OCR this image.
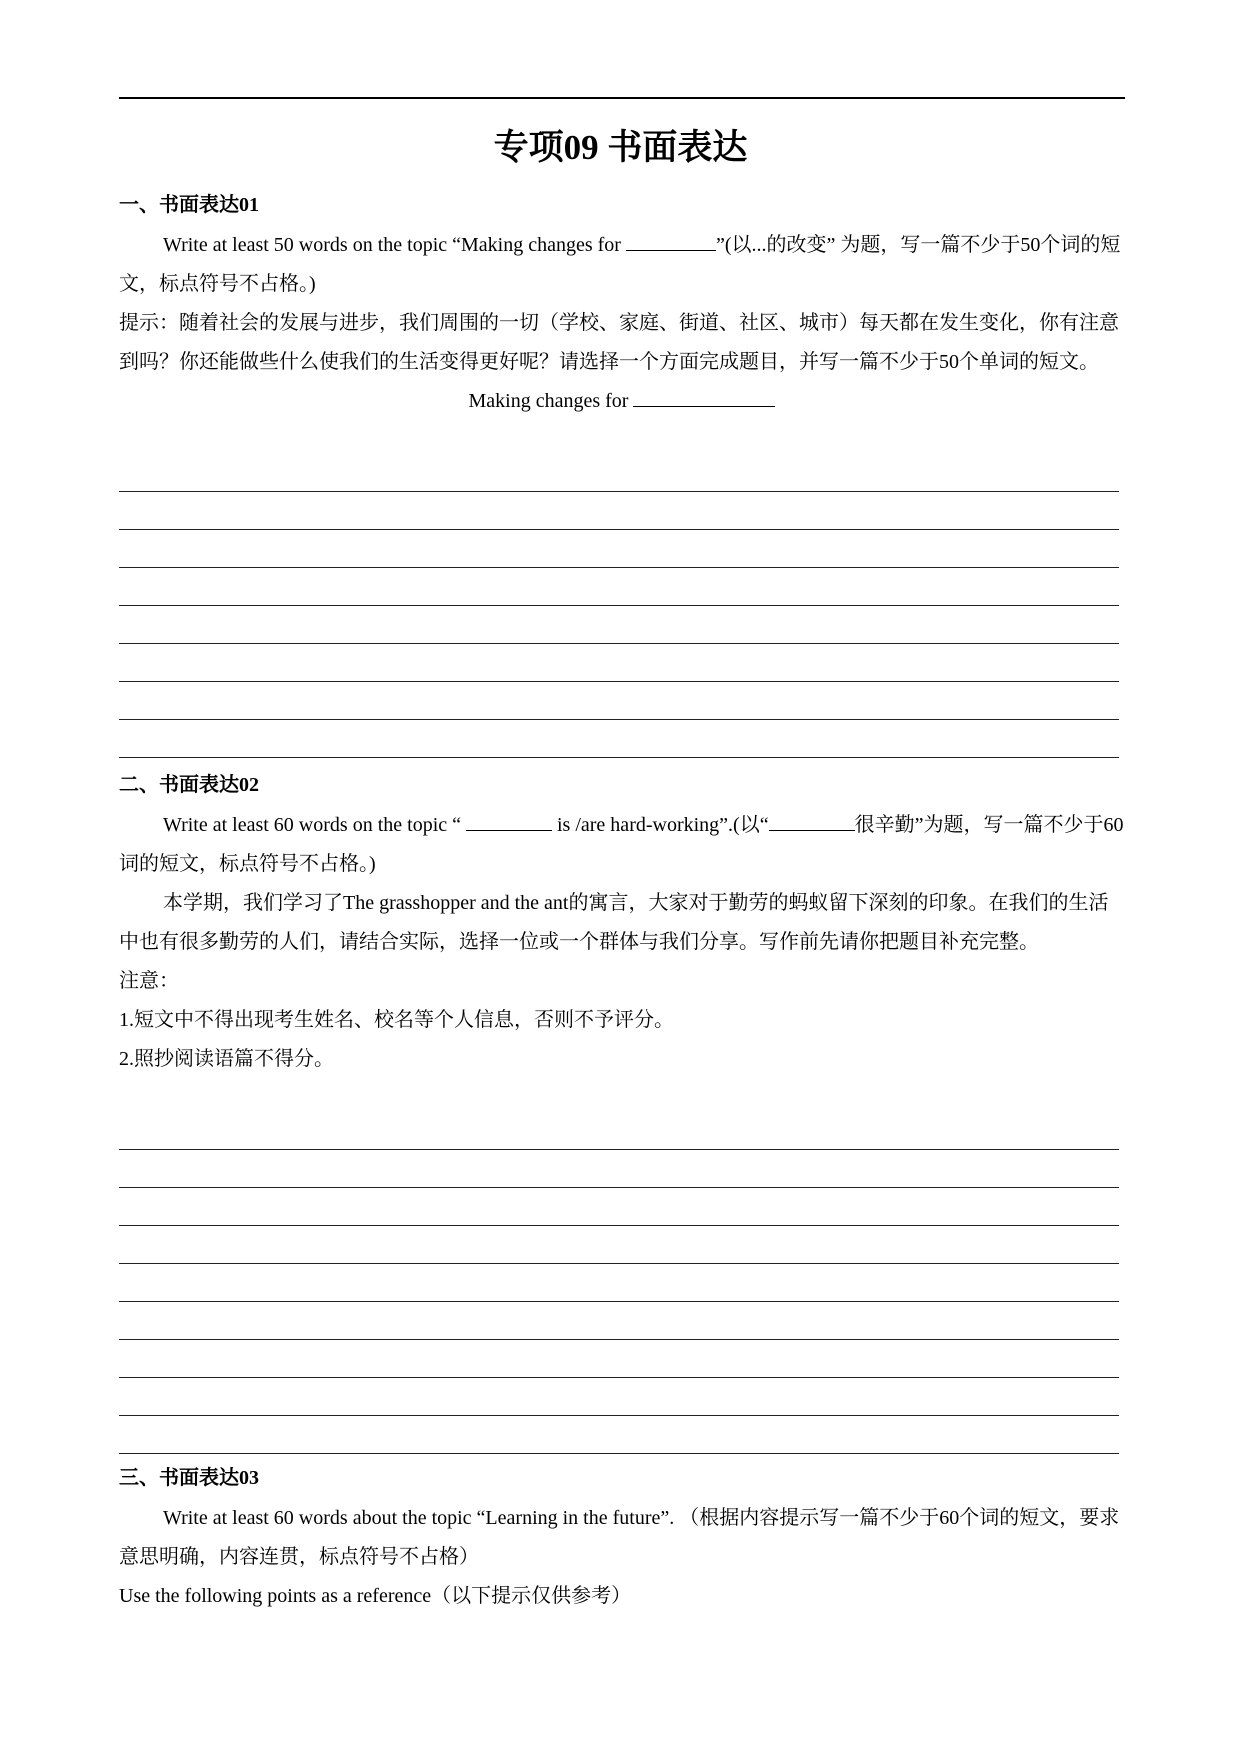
专项09 书面表达

一、书面表达01

Write at least 50 words on the topic “Making changes for	”(以...的改变” 为题，写一篇不少于50个词的短文，标点符号不占格。)

提示：随着社会的发展与进步，我们周围的一切（学校、家庭、街道、社区、城市）每天都在发生变化，你有注意到吗？你还能做些什么使我们的生活变得更好呢？请选择一个方面完成题目，并写一篇不少于50个单词的短文。

Making changes for

二、书面表达02

Write at least 60 words on the topic “	is /are hard-working”.(以“	很辛勤”为题，写一篇不少于60词的短文，标点符号不占格。)

本学期，我们学习了The grasshopper and the ant的寓言，大家对于勤劳的蚂蚁留下深刻的印象。在我们的生活中也有很多勤劳的人们，请结合实际，选择一位或一个群体与我们分享。写作前先请你把题目补充完整。

注意：

1.短文中不得出现考生姓名、校名等个人信息，否则不予评分。

2.照抄阅读语篇不得分。

三、书面表达03

Write at least 60 words about the topic “Learning in the future”. （根据内容提示写一篇不少于60个词的短文，要求意思明确，内容连贯，标点符号不占格）

Use the following points as a reference（以下提示仅供参考）
